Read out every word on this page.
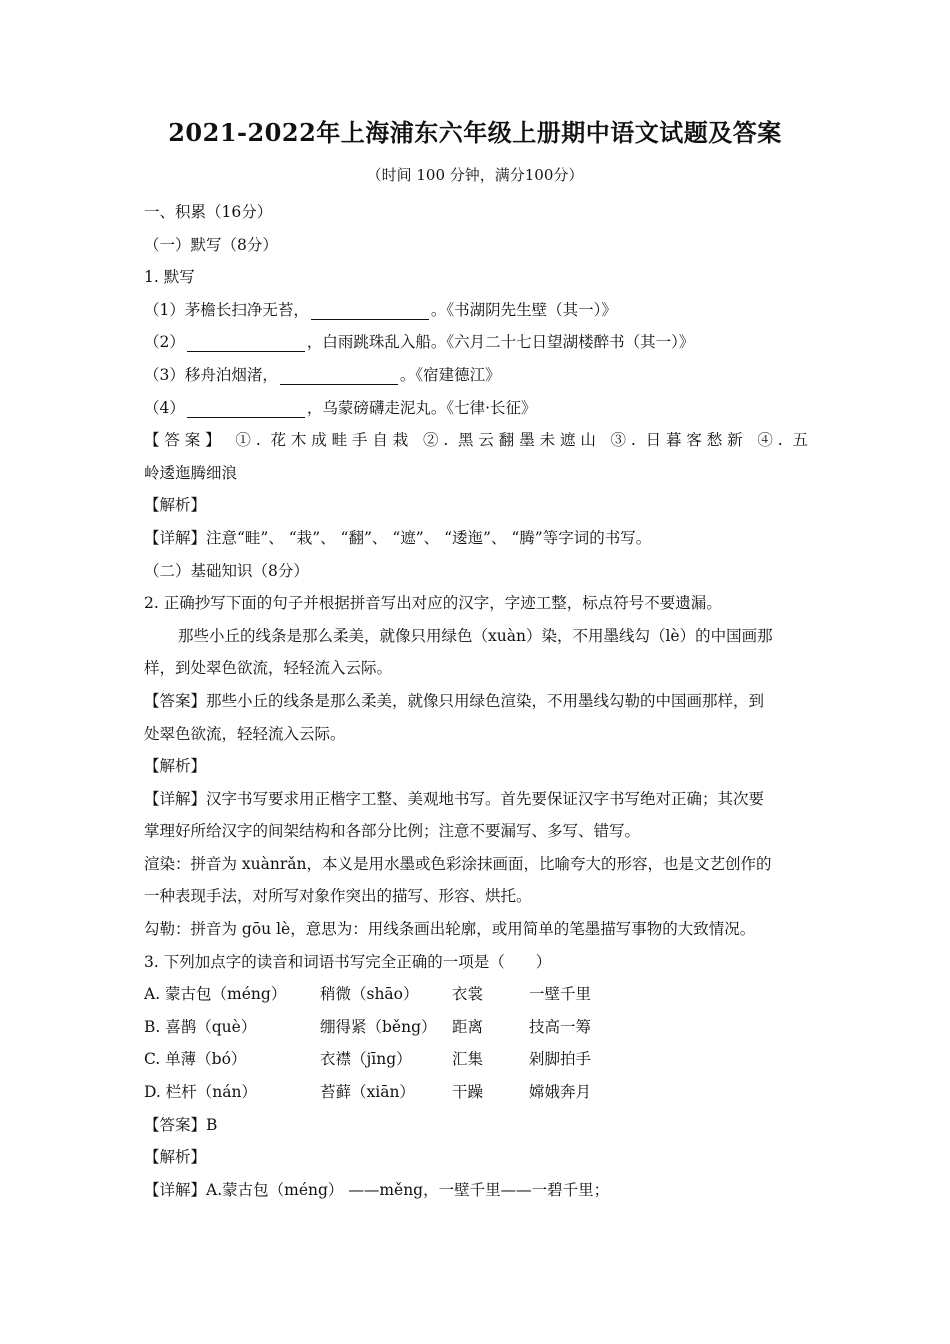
2021-2022年上海浦东六年级上册期中语文试题及答案

（时间 100 分钟，满分100分）

一、积累（16分）
（一）默写（8分）
1. 默写
（1）茅檐长扫净无苔，	。《书湖阴先生壁（其一）》
（2）	，白雨跳珠乱入船。《六月二十七日望湖楼醉书（其一）》
（3）移舟泊烟渚，	。《宿建德江》
（4）	，乌蒙磅礴走泥丸。《七律·长征》
【答案】 ①. 花木成畦手自栽 ②. 黑云翻墨未遮山 ③. 日暮客愁新 ④. 五
岭逶迤腾细浪
【解析】
【详解】注意“畦”、 “栽”、 “翻”、 “遮”、 “逶迤”、 “腾”等字词的书写。
（二）基础知识（8分）
2. 正确抄写下面的句子并根据拼音写出对应的汉字，字迹工整，标点符号不要遗漏。
那些小丘的线条是那么柔美，就像只用绿色（xuàn）染，不用墨线勾（lè）的中国画那
样，到处翠色欲流，轻轻流入云际。
【答案】那些小丘的线条是那么柔美，就像只用绿色渲染，不用墨线勾勒的中国画那样，到
处翠色欲流，轻轻流入云际。
【解析】
【详解】汉字书写要求用正楷字工整、美观地书写。首先要保证汉字书写绝对正确；其次要
掌理好所给汉字的间架结构和各部分比例；注意不要漏写、多写、错写。
渲染：拼音为 xuànrǎn，本义是用水墨或色彩涂抹画面，比喻夸大的形容，也是文艺创作的
一种表现手法，对所写对象作突出的描写、形容、烘托。
勾勒：拼音为 gōu lè，意思为：用线条画出轮廓，或用简单的笔墨描写事物的大致情况。
3. 下列加点字的读音和词语书写完全正确的一项是（　　）
A. 蒙古包（méng）	稍微（shāo）	衣裳	一壁千里
B. 喜鹊（què）	绷得紧（běng） 距离	技高一筹
C. 单薄（bó）	衣襟（jīng）	汇集	剁脚拍手
D. 栏杆（nán）	苔藓（xiān）	干躁	嫦娥奔月
【答案】B
【解析】
【详解】A.蒙古包（méng） ——měng，一壁千里——一碧千里；
